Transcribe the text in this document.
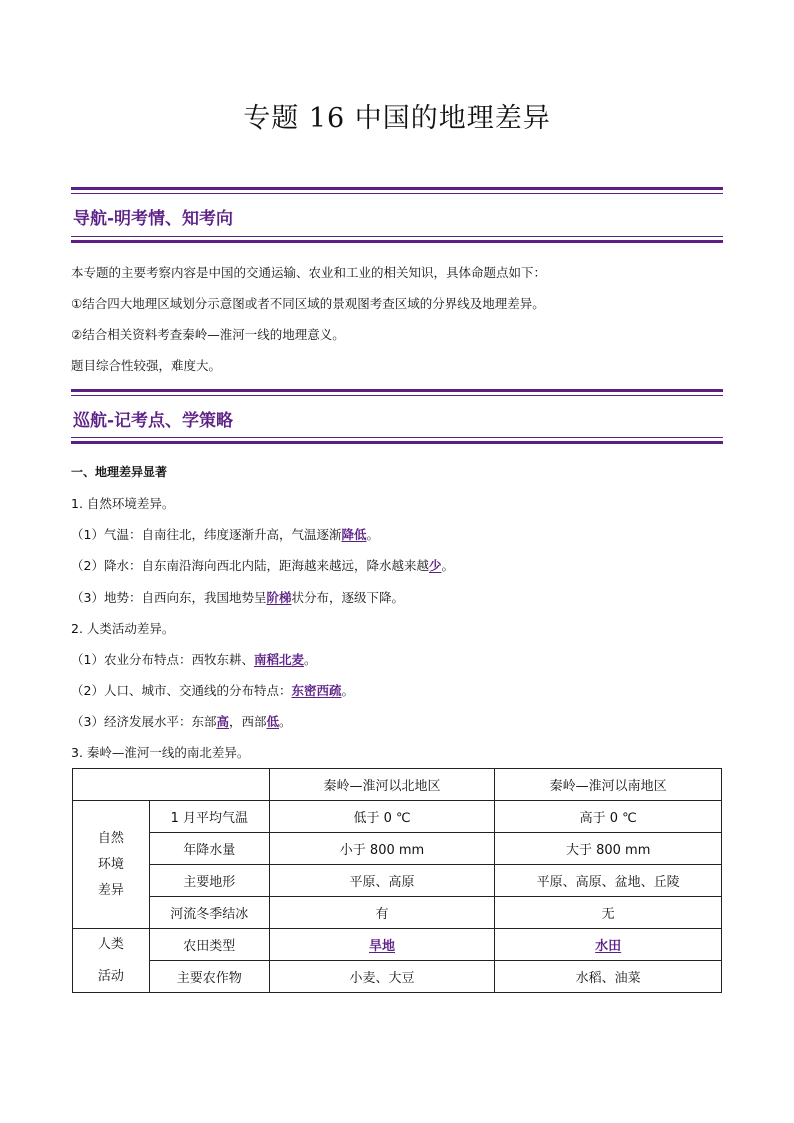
专题 16 中国的地理差异
导航-明考情、知考向
本专题的主要考察内容是中国的交通运输、农业和工业的相关知识，具体命题点如下：
①结合四大地理区域划分示意图或者不同区域的景观图考查区域的分界线及地理差异。
②结合相关资料考查秦岭—淮河一线的地理意义。
题目综合性较强，难度大。
巡航-记考点、学策略
一、地理差异显著
1. 自然环境差异。
（1）气温：自南往北，纬度逐渐升高，气温逐渐降低。
（2）降水：自东南沿海向西北内陆，距海越来越远，降水越来越少。
（3）地势：自西向东，我国地势呈阶梯状分布，逐级下降。
2. 人类活动差异。
（1）农业分布特点：西牧东耕、南稻北麦。
（2）人口、城市、交通线的分布特点：东密西疏。
（3）经济发展水平：东部高，西部低。
3. 秦岭—淮河一线的南北差异。
		秦岭—淮河以北地区	秦岭—淮河以南地区

自然
环境
差异	1 月平均气温	低于 0 ℃	高于 0 ℃
	年降水量	小于 800 mm	大于 800 mm
	主要地形	平原、高原	平原、高原、盆地、丘陵
	河流冬季结冰	有	无

人类
活动	农田类型	旱地	水田
	主要农作物	小麦、大豆	水稻、油菜
